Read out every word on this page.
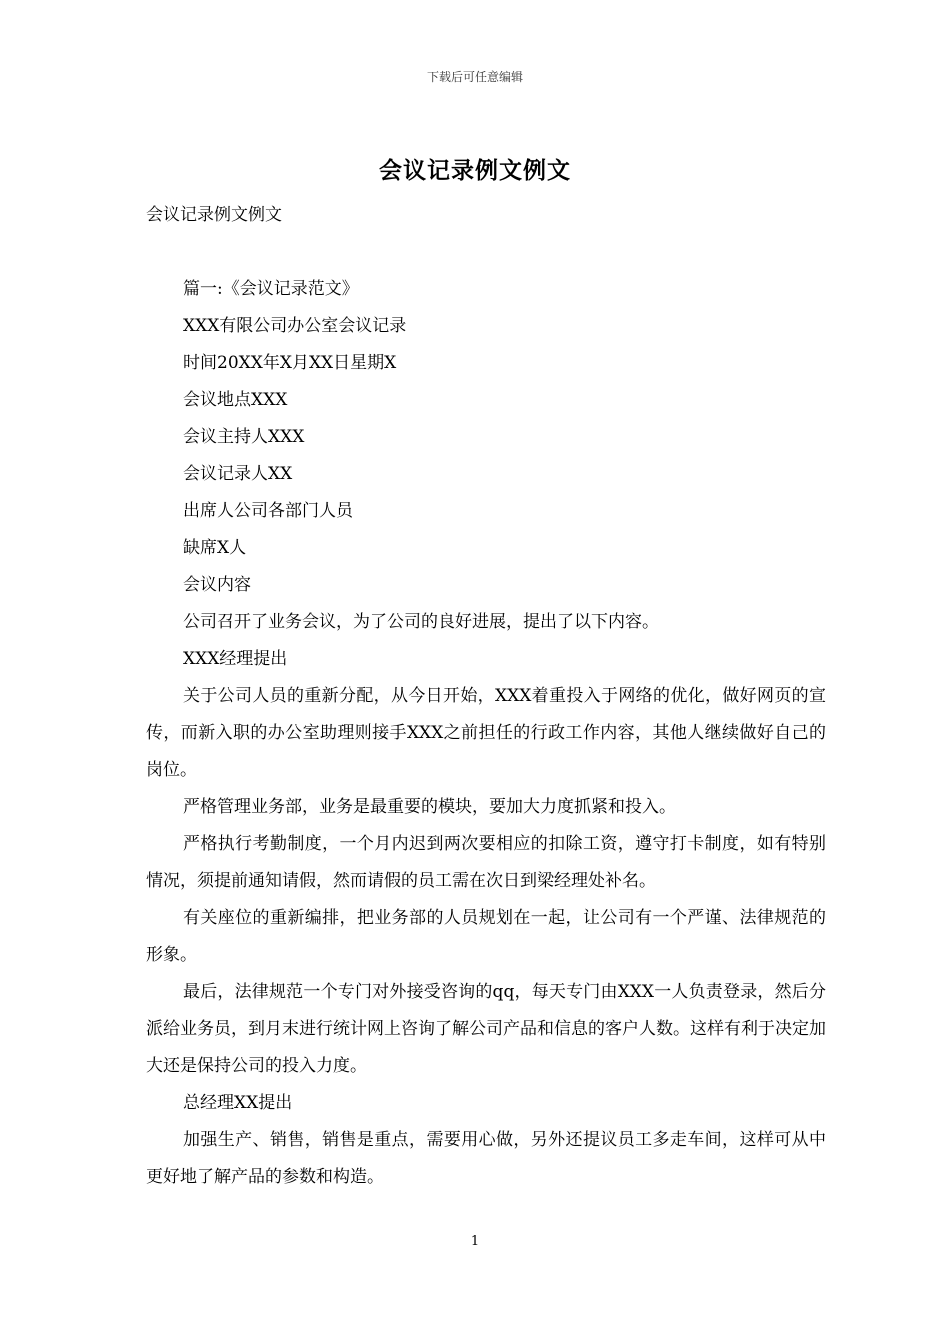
下载后可任意编辑
会议记录例文例文
会议记录例文例文
篇一:《会议记录范文》
XXX有限公司办公室会议记录
时间20XX年X月XX日星期X
会议地点XXX
会议主持人XXX
会议记录人XX
出席人公司各部门人员
缺席X人
会议内容
公司召开了业务会议，为了公司的良好进展，提出了以下内容。
XXX经理提出
关于公司人员的重新分配，从今日开始，XXX着重投入于网络的优化，做好网页的宣传，而新入职的办公室助理则接手XXX之前担任的行政工作内容，其他人继续做好自己的岗位。
严格管理业务部，业务是最重要的模块，要加大力度抓紧和投入。
严格执行考勤制度，一个月内迟到两次要相应的扣除工资，遵守打卡制度，如有特别情况，须提前通知请假，然而请假的员工需在次日到梁经理处补名。
有关座位的重新编排，把业务部的人员规划在一起，让公司有一个严谨、法律规范的形象。
最后，法律规范一个专门对外接受咨询的qq，每天专门由XXX一人负责登录，然后分派给业务员，到月末进行统计网上咨询了解公司产品和信息的客户人数。这样有利于决定加大还是保持公司的投入力度。
总经理XX提出
加强生产、销售，销售是重点，需要用心做，另外还提议员工多走车间，这样可从中更好地了解产品的参数和构造。
1
